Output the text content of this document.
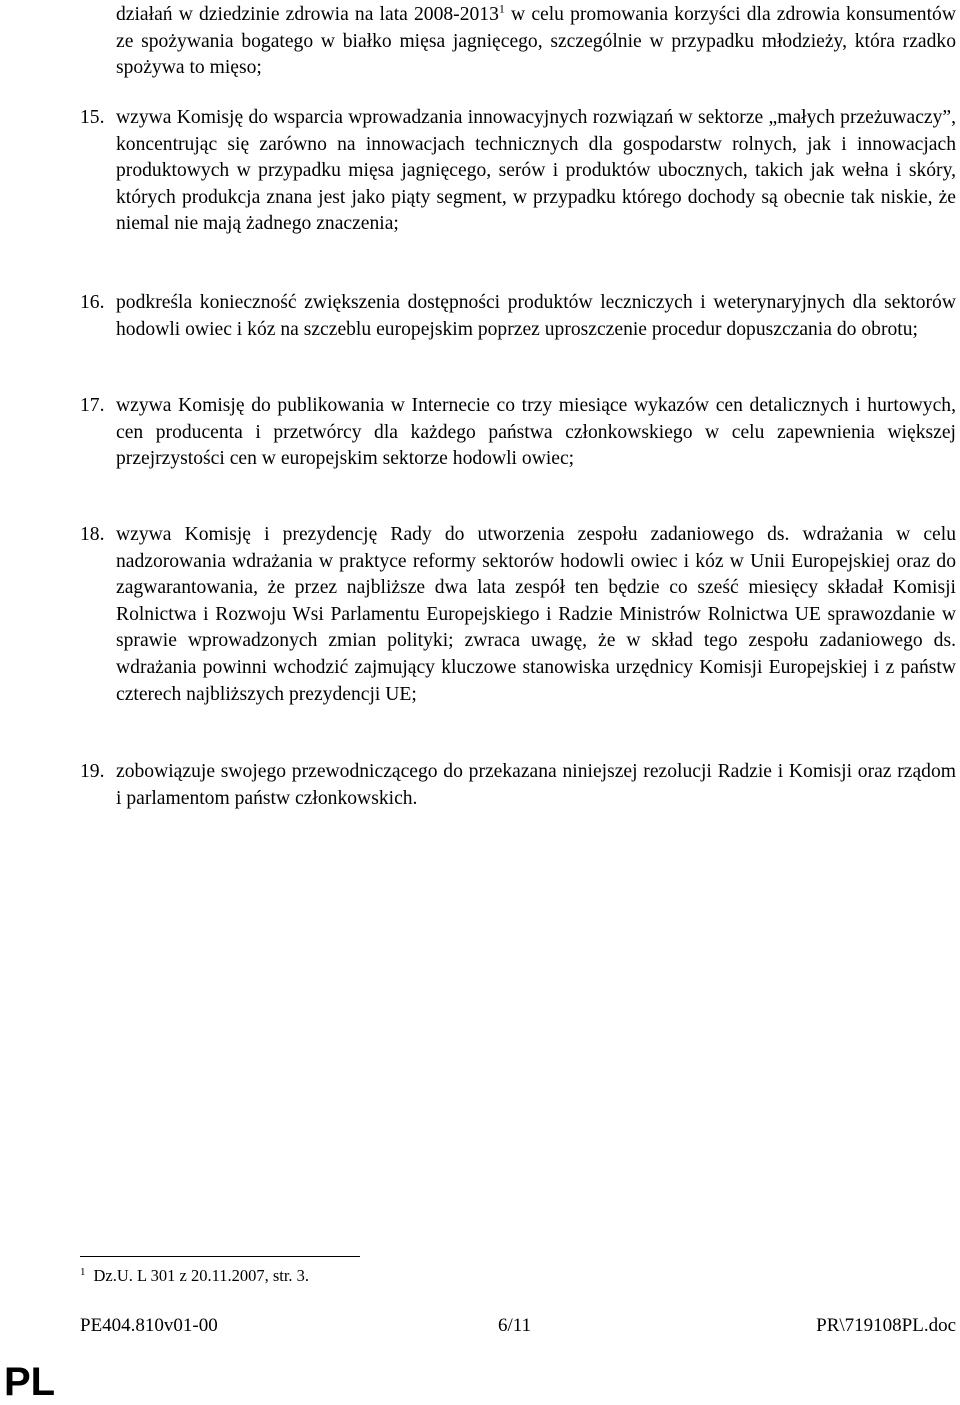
działań w dziedzinie zdrowia na lata 2008-2013$^1$ w celu promowania korzyści dla zdrowia konsumentów ze spożywania bogatego w białko mięsa jagnięcego, szczególnie w przypadku młodzieży, która rzadko spożywa to mięso;

15. wzywa Komisję do wsparcia wprowadzania innowacyjnych rozwiązań w sektorze „małych przeżuwaczy”, koncentrując się zarówno na innowacjach technicznych dla gospodarstw rolnych, jak i innowacjach produktowych w przypadku mięsa jagnięcego, serów i produktów ubocznych, takich jak wełna i skóry, których produkcja znana jest jako piąty segment, w przypadku którego dochody są obecnie tak niskie, że niemal nie mają żadnego znaczenia;

16. podkreśla konieczność zwiększenia dostępności produktów leczniczych i weterynaryjnych dla sektorów hodowli owiec i kóz na szczeblu europejskim poprzez uproszczenie procedur dopuszczania do obrotu;

17. wzywa Komisję do publikowania w Internecie co trzy miesiące wykazów cen detalicznych i hurtowych, cen producenta i przetwórcy dla każdego państwa członkowskiego w celu zapewnienia większej przejrzystości cen w europejskim sektorze hodowli owiec;

18. wzywa Komisję i prezydencję Rady do utworzenia zespołu zadaniowego ds. wdrażania w celu nadzorowania wdrażania w praktyce reformy sektorów hodowli owiec i kóz w Unii Europejskiej oraz do zagwarantowania, że przez najbliższe dwa lata zespół ten będzie co sześć miesięcy składał Komisji Rolnictwa i Rozwoju Wsi Parlamentu Europejskiego i Radzie Ministrów Rolnictwa UE sprawozdanie w sprawie wprowadzonych zmian polityki; zwraca uwagę, że w skład tego zespołu zadaniowego ds. wdrażania powinni wchodzić zajmujący kluczowe stanowiska urzędnicy Komisji Europejskiej i z państw czterech najbliższych prezydencji UE;

19. zobowiązuje swojego przewodniczącego do przekazana niniejszej rezolucji Radzie i Komisji oraz rządom i parlamentom państw członkowskich.

$^1$ Dz.U. L 301 z 20.11.2007, str. 3.
PE404.810v01-00	6/11	PR\719108PL.doc
PL
